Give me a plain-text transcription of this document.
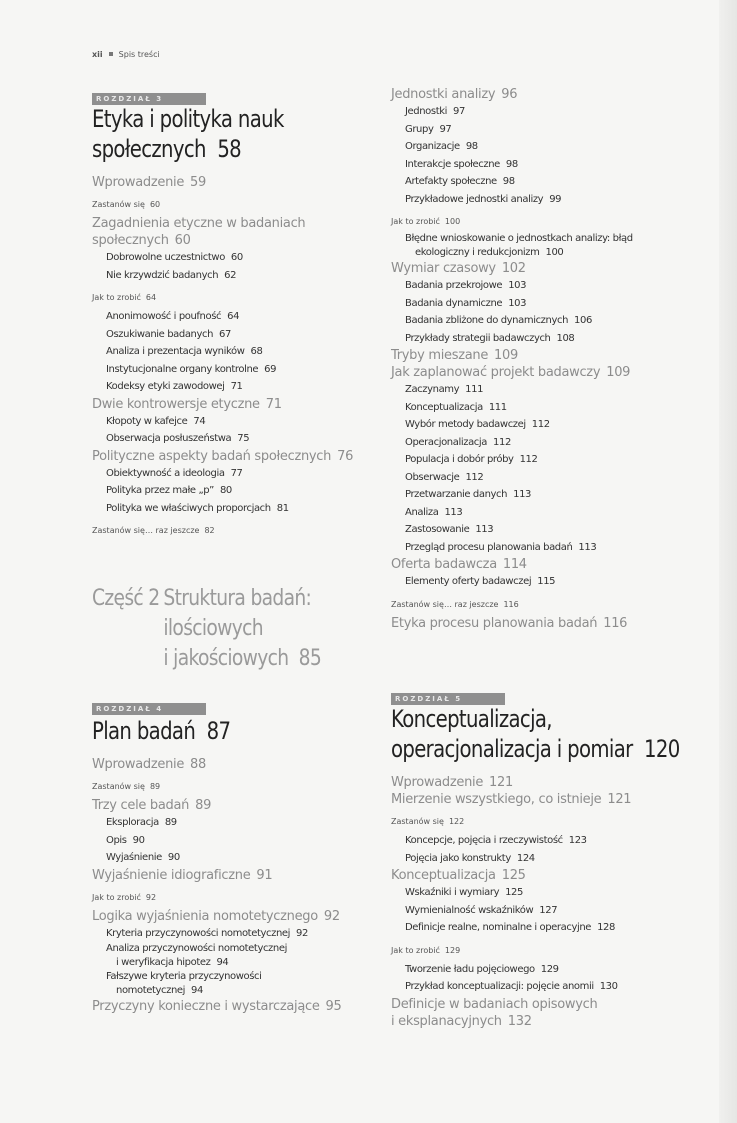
xii Spis treści
ROZDZIAŁ 3
Etyka i polityka nauk
społecznych 58
Wprowadzenie 59
Zastanów się 60
Zagadnienia etyczne w badaniach
społecznych 60
Dobrowolne uczestnictwo 60
Nie krzywdzić badanych 62
Jak to zrobić 64
Anonimowość i poufność 64
Oszukiwanie badanych 67
Analiza i prezentacja wyników 68
Instytucjonalne organy kontrolne 69
Kodeksy etyki zawodowej 71
Dwie kontrowersje etyczne 71
Kłopoty w kafejce 74
Obserwacja posłuszeństwa 75
Polityczne aspekty badań społecznych 76
Obiektywność a ideologia 77
Polityka przez małe „p” 80
Polityka we właściwych proporcjach 81
Zastanów się… raz jeszcze 82
Część 2 Struktura badań:
ilościowych
i jakościowych 85
ROZDZIAŁ 4
Plan badań 87
Wprowadzenie 88
Zastanów się 89
Trzy cele badań 89
Eksploracja 89
Opis 90
Wyjaśnienie 90
Wyjaśnienie idiograficzne 91
Jak to zrobić 92
Logika wyjaśnienia nomotetycznego 92
Kryteria przyczynowości nomotetycznej 92
Analiza przyczynowości nomotetycznej
i weryfikacja hipotez 94
Fałszywe kryteria przyczynowości
nomotetycznej 94
Przyczyny konieczne i wystarczające 95
Jednostki analizy 96
Jednostki 97
Grupy 97
Organizacje 98
Interakcje społeczne 98
Artefakty społeczne 98
Przykładowe jednostki analizy 99
Jak to zrobić 100
Błędne wnioskowanie o jednostkach analizy: błąd
ekologiczny i redukcjonizm 100
Wymiar czasowy 102
Badania przekrojowe 103
Badania dynamiczne 103
Badania zbliżone do dynamicznych 106
Przykłady strategii badawczych 108
Tryby mieszane 109
Jak zaplanować projekt badawczy 109
Zaczynamy 111
Konceptualizacja 111
Wybór metody badawczej 112
Operacjonalizacja 112
Populacja i dobór próby 112
Obserwacje 112
Przetwarzanie danych 113
Analiza 113
Zastosowanie 113
Przegląd procesu planowania badań 113
Oferta badawcza 114
Elementy oferty badawczej 115
Zastanów się… raz jeszcze 116
Etyka procesu planowania badań 116
ROZDZIAŁ 5
Konceptualizacja,
operacjonalizacja i pomiar 120
Wprowadzenie 121
Mierzenie wszystkiego, co istnieje 121
Zastanów się 122
Koncepcje, pojęcia i rzeczywistość 123
Pojęcia jako konstrukty 124
Konceptualizacja 125
Wskaźniki i wymiary 125
Wymienialność wskaźników 127
Definicje realne, nominalne i operacyjne 128
Jak to zrobić 129
Tworzenie ładu pojęciowego 129
Przykład konceptualizacji: pojęcie anomii 130
Definicje w badaniach opisowych
i eksplanacyjnych 132
